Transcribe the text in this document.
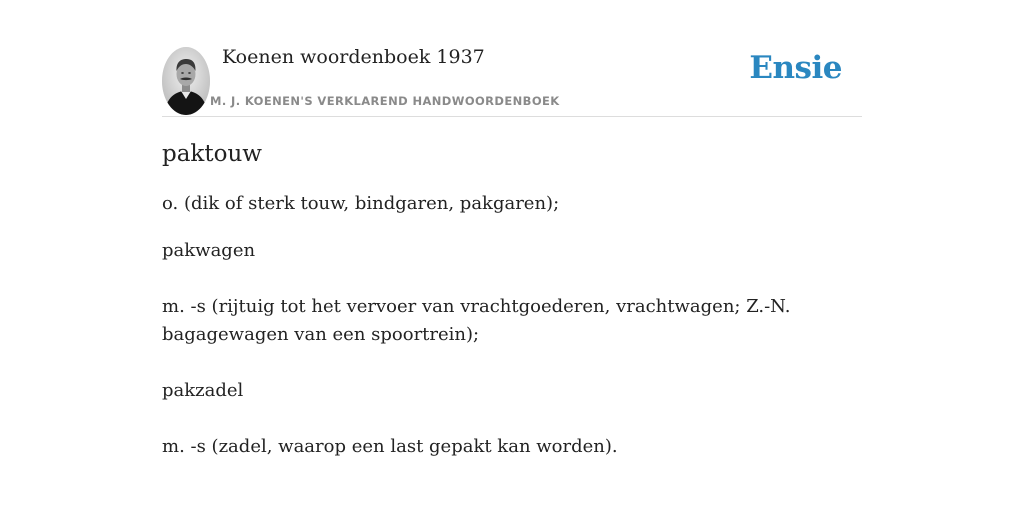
Koenen woordenboek 1937
M. J. KOENEN'S VERKLAREND HANDWOORDENBOEK
Ensie
paktouw

o. (dik of sterk touw, bindgaren, pakgaren);

pakwagen

m. -s (rijtuig tot het vervoer van vrachtgoederen, vrachtwagen; Z.-N. bagagewagen van een spoortrein);

pakzadel

m. -s (zadel, waarop een last gepakt kan worden).
